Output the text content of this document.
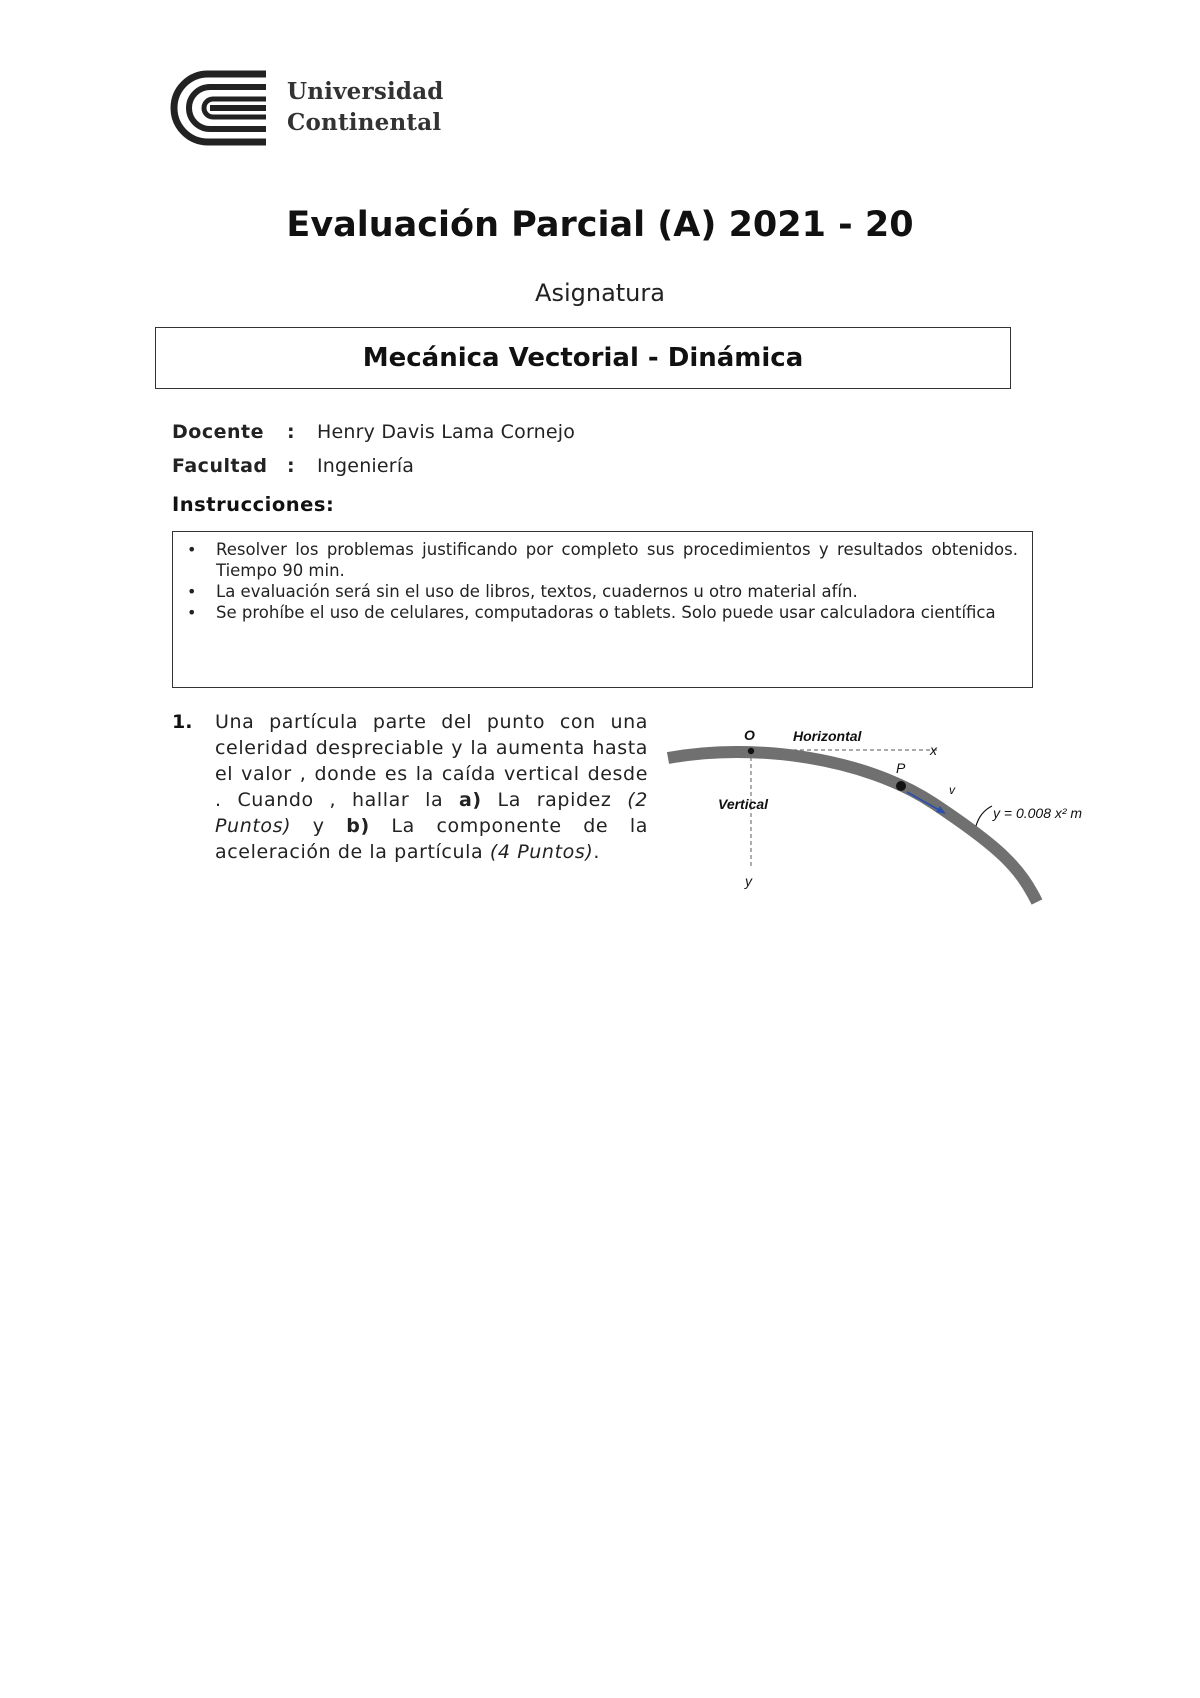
Universidad
Continental
Evaluación Parcial (A) 2021 - 20
Asignatura
Mecánica Vectorial - Dinámica
Docente	:	Henry Davis Lama Cornejo
Facultad	:	Ingeniería
Instrucciones:
• Resolver los problemas justificando por completo sus procedimientos y resultados obtenidos. Tiempo 90 min.
• La evaluación será sin el uso de libros, textos, cuadernos u otro material afín.
• Se prohíbe el uso de celulares, computadoras o tablets. Solo puede usar calculadora científica
1. Una partícula parte del punto con una celeridad despreciable y la aumenta hasta el valor , donde es la caída vertical desde . Cuando , hallar la a) La rapidez (2 Puntos) y b) La componente de la aceleración de la partícula (4 Puntos).
O	Horizontal
x
P
v
Vertical
y
y = 0.008 x² m
